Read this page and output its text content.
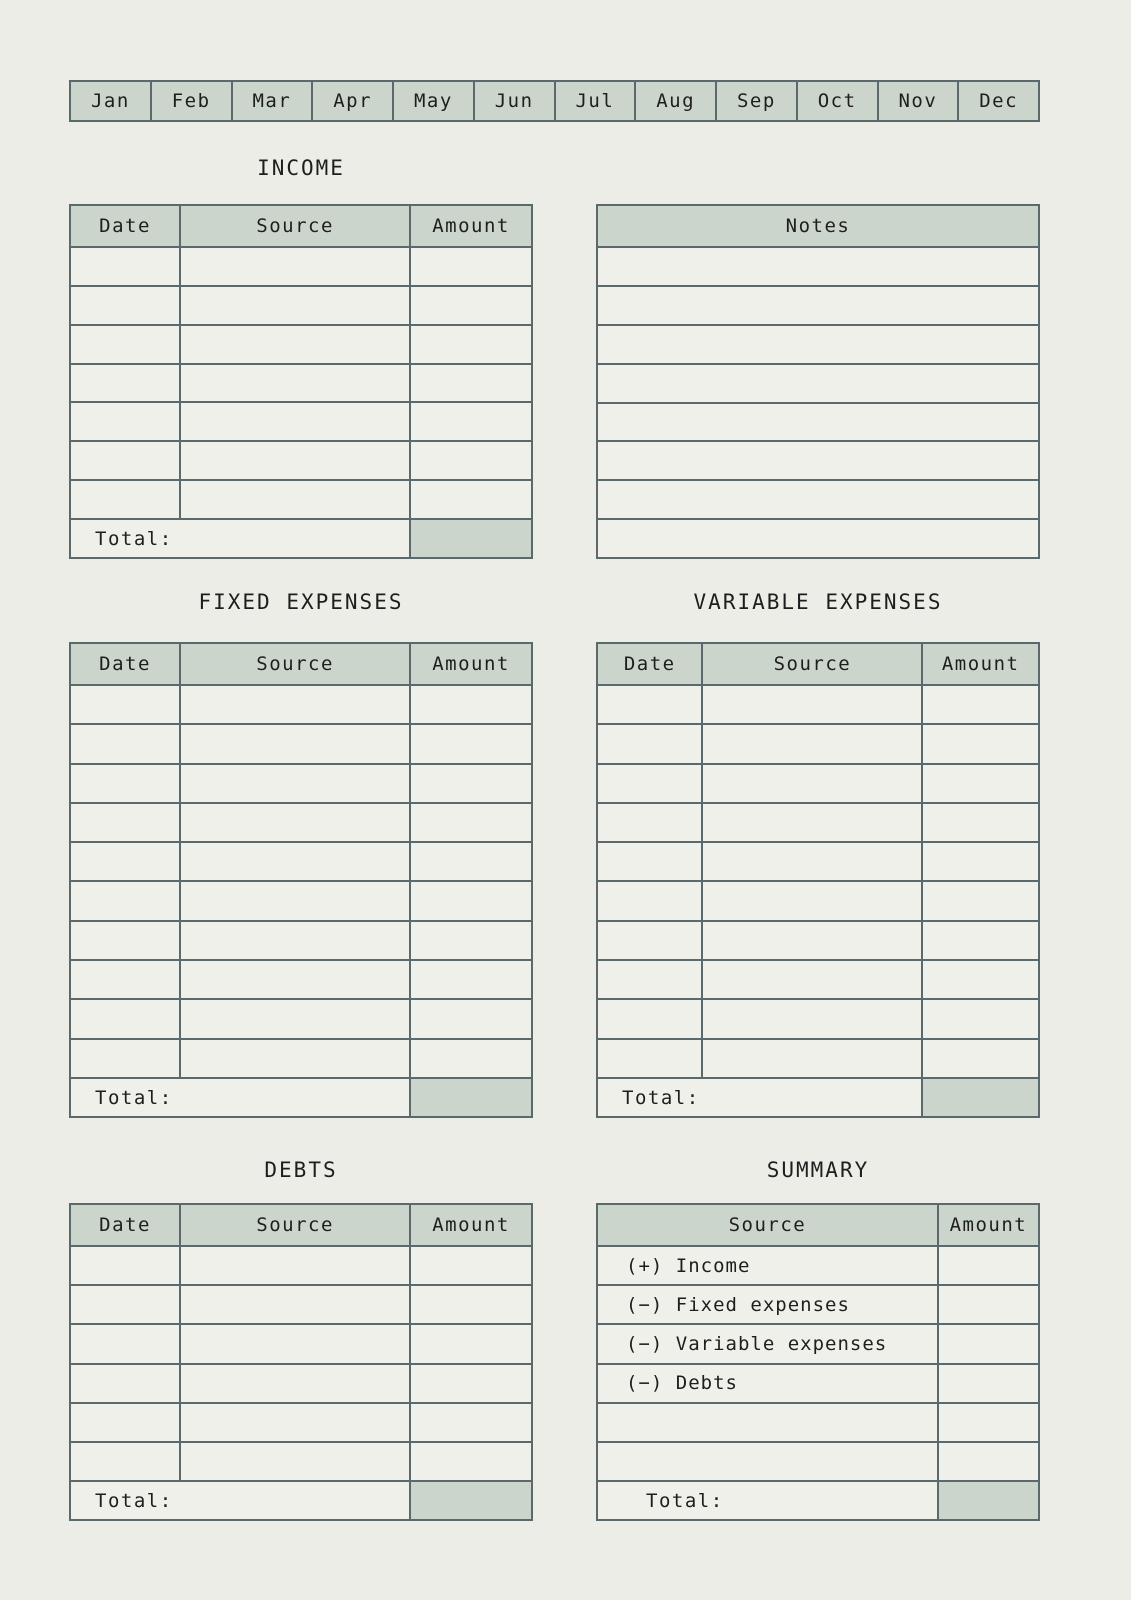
Jan	Feb	Mar	Apr	May	Jun	Jul	Aug	Sep	Oct	Nov	Dec
INCOME
Date	Source	Amount
Total:
Notes
FIXED EXPENSES	VARIABLE EXPENSES
Date	Source	Amount
Total:
Date	Source	Amount
Total:
DEBTS	SUMMARY
Date	Source	Amount
Total:
Source	Amount
(+) Income
(−) Fixed expenses
(−) Variable expenses
(−) Debts
Total:
